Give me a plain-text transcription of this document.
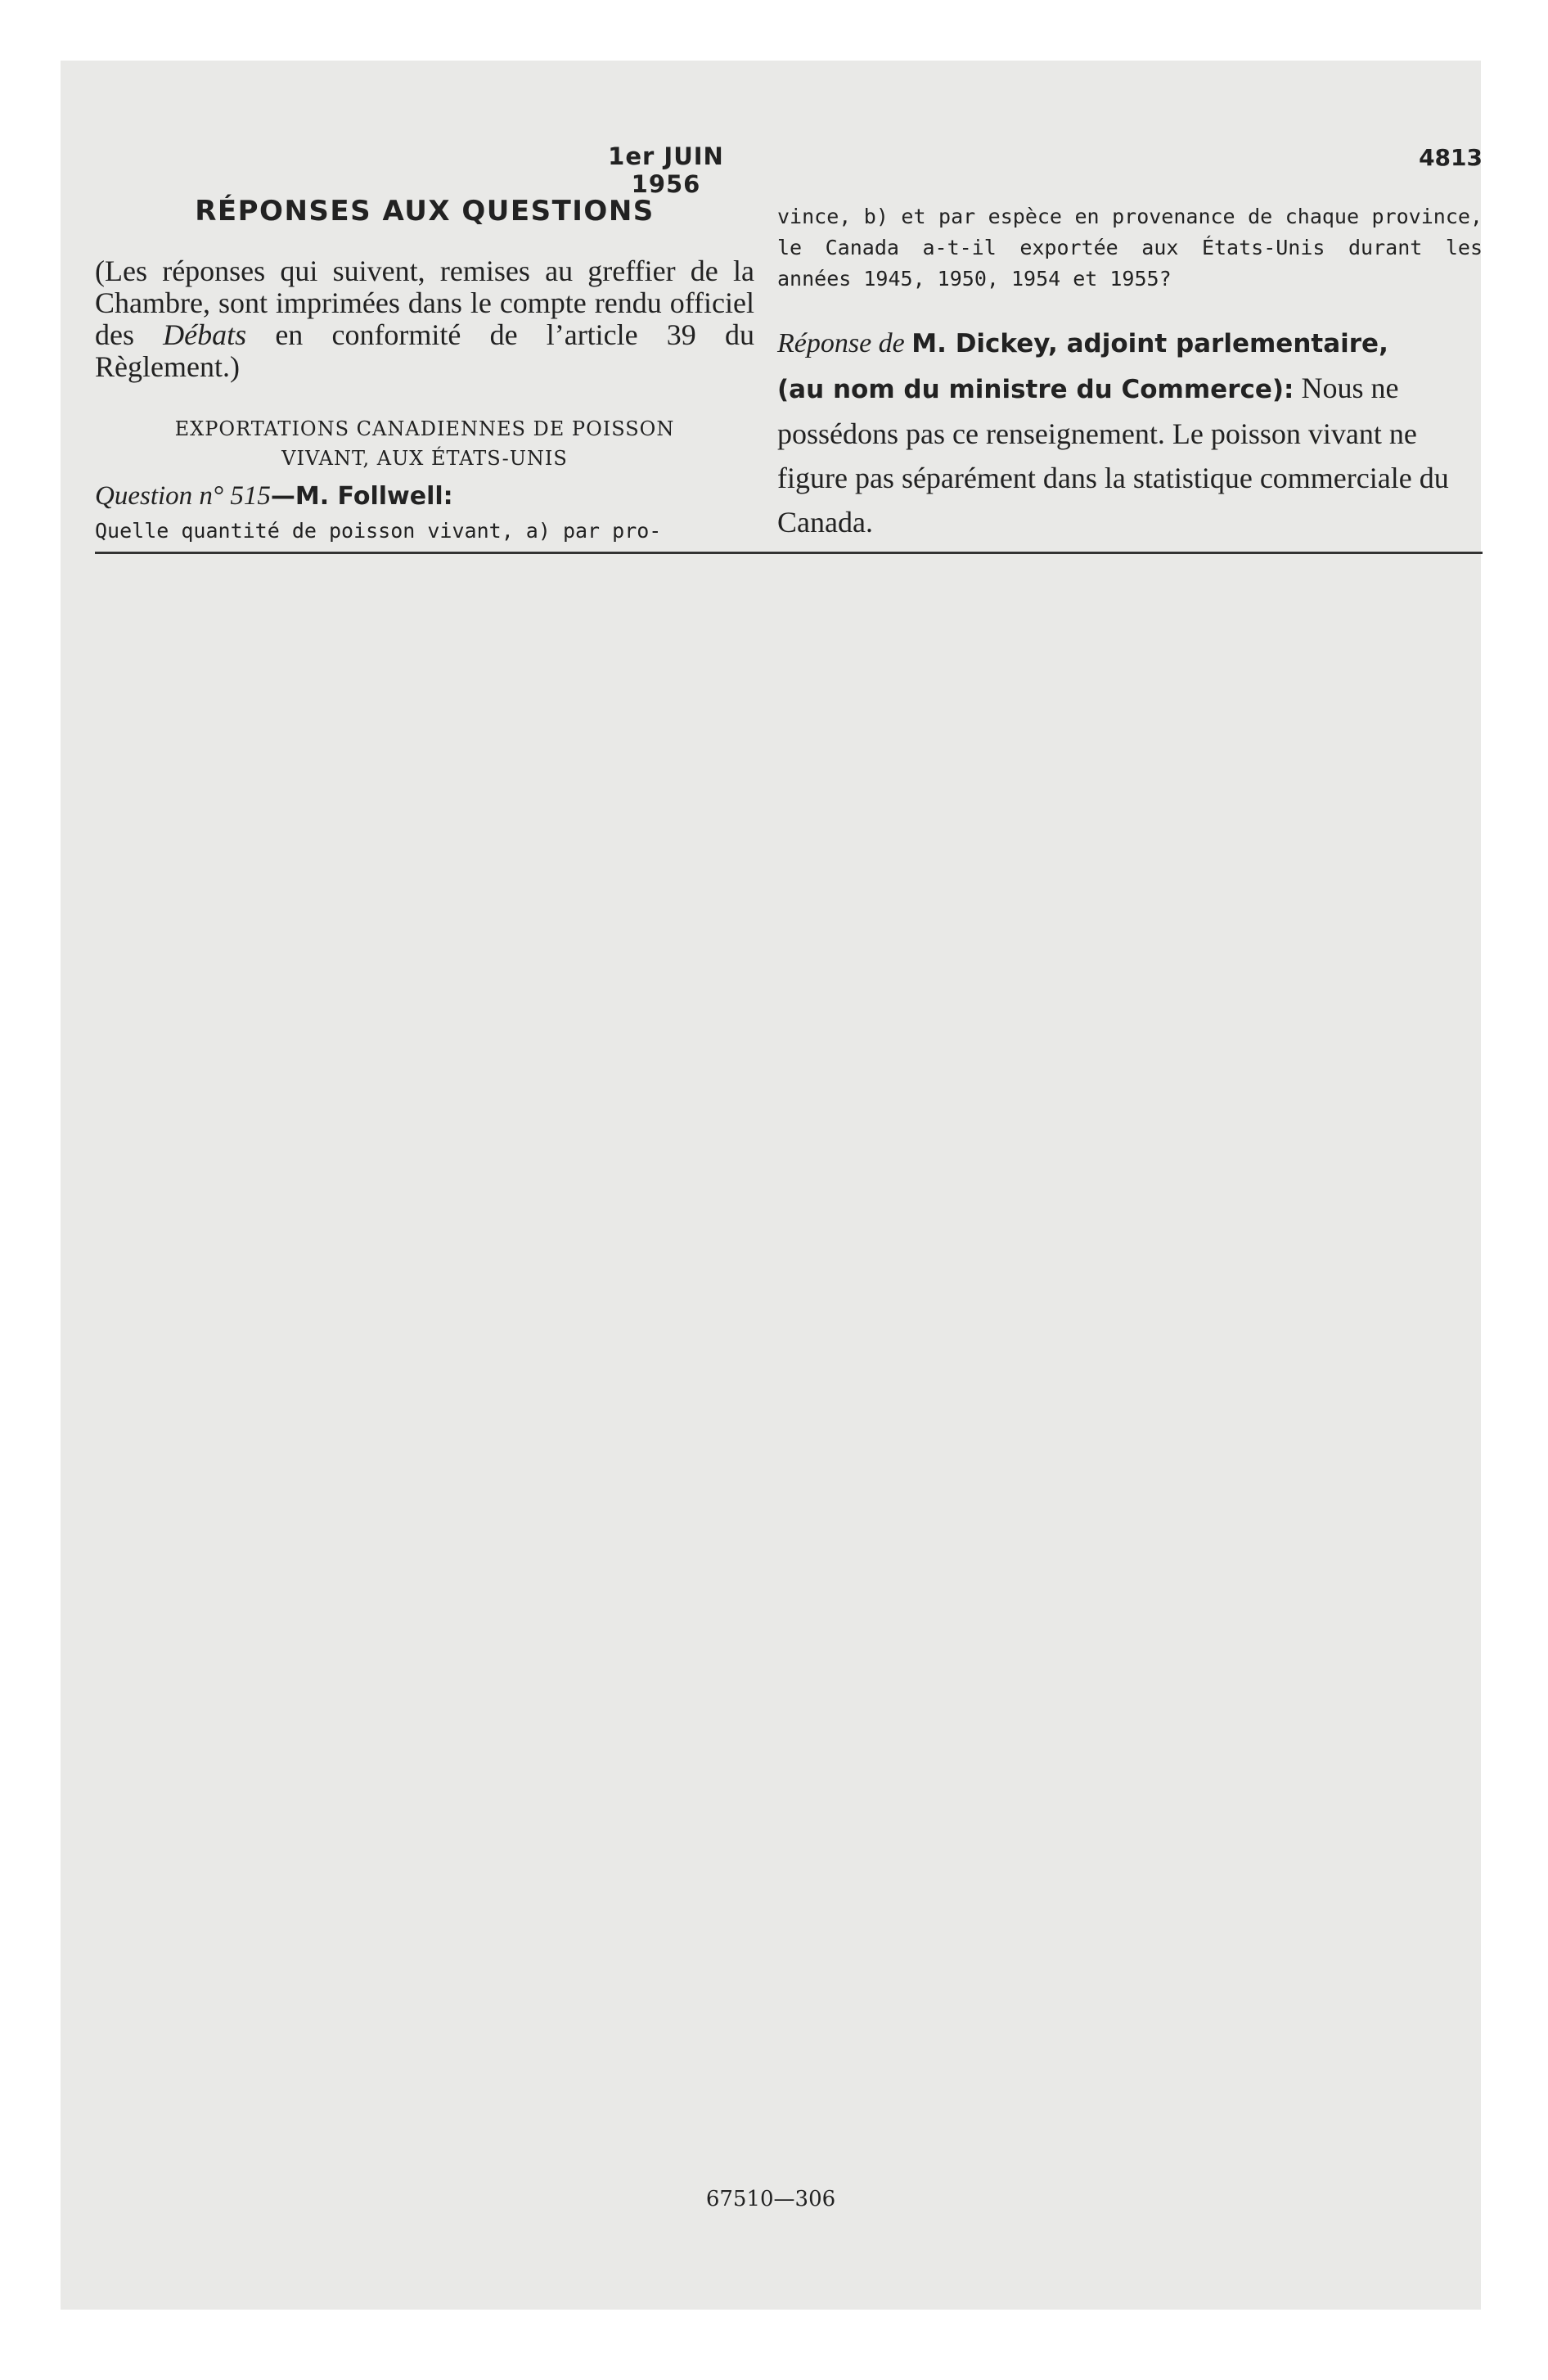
1er JUIN 1956
4813
RÉPONSES AUX QUESTIONS

(Les réponses qui suivent, remises au greffier de la Chambre, sont imprimées dans le compte rendu officiel des Débats en conformité de l’article 39 du Règlement.)

EXPORTATIONS CANADIENNES DE POISSON
VIVANT, AUX ÉTATS-UNIS

Question n° 515—M. Follwell:

Quelle quantité de poisson vivant, a) par pro-

vince, b) et par espèce en provenance de chaque province, le Canada a-t-il exportée aux États-Unis durant les années 1945, 1950, 1954 et 1955?

Réponse de M. Dickey, adjoint parlementaire,

(au nom du ministre du Commerce): Nous ne possédons pas ce renseignement. Le poisson vivant ne figure pas séparément dans la statistique commerciale du Canada.

67510—306
